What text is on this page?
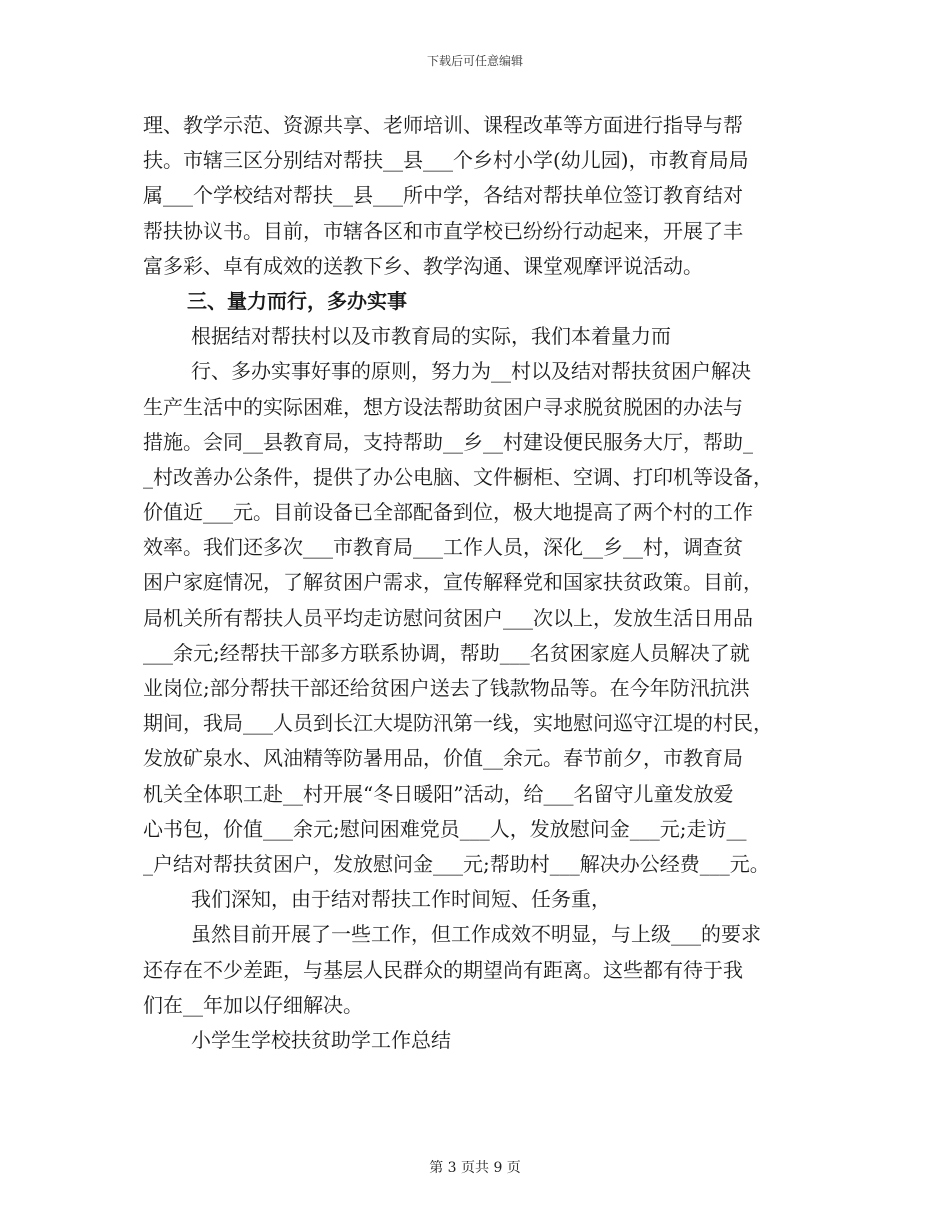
下载后可任意编辑
理、教学示范、资源共享、老师培训、课程改革等方面进行指导与帮
扶。市辖三区分别结对帮扶__县___个乡村小学(幼儿园)，市教育局局
属___个学校结对帮扶__县___所中学，各结对帮扶单位签订教育结对
帮扶协议书。目前，市辖各区和市直学校已纷纷行动起来，开展了丰
富多彩、卓有成效的送教下乡、教学沟通、课堂观摩评说活动。
三、量力而行，多办实事
根据结对帮扶村以及市教育局的实际，我们本着量力而
行、多办实事好事的原则，努力为__村以及结对帮扶贫困户解决
生产生活中的实际困难，想方设法帮助贫困户寻求脱贫脱困的办法与
措施。会同__县教育局，支持帮助__乡__村建设便民服务大厅，帮助_
_村改善办公条件，提供了办公电脑、文件橱柜、空调、打印机等设备，
价值近___元。目前设备已全部配备到位，极大地提高了两个村的工作
效率。我们还多次___市教育局___工作人员，深化__乡__村，调查贫
困户家庭情况，了解贫困户需求，宣传解释党和国家扶贫政策。目前，
局机关所有帮扶人员平均走访慰问贫困户___次以上，发放生活日用品
___余元;经帮扶干部多方联系协调，帮助___名贫困家庭人员解决了就
业岗位;部分帮扶干部还给贫困户送去了钱款物品等。在今年防汛抗洪
期间，我局___人员到长江大堤防汛第一线，实地慰问巡守江堤的村民，
发放矿泉水、风油精等防暑用品，价值__余元。春节前夕，市教育局
机关全体职工赴__村开展“冬日暖阳”活动，给___名留守儿童发放爱
心书包，价值___余元;慰问困难党员___人，发放慰问金___元;走访__
_户结对帮扶贫困户，发放慰问金___元;帮助村___解决办公经费___元。
我们深知，由于结对帮扶工作时间短、任务重，
虽然目前开展了一些工作，但工作成效不明显，与上级___的要求
还存在不少差距，与基层人民群众的期望尚有距离。这些都有待于我
们在__年加以仔细解决。
小学生学校扶贫助学工作总结
第 3 页共 9 页
